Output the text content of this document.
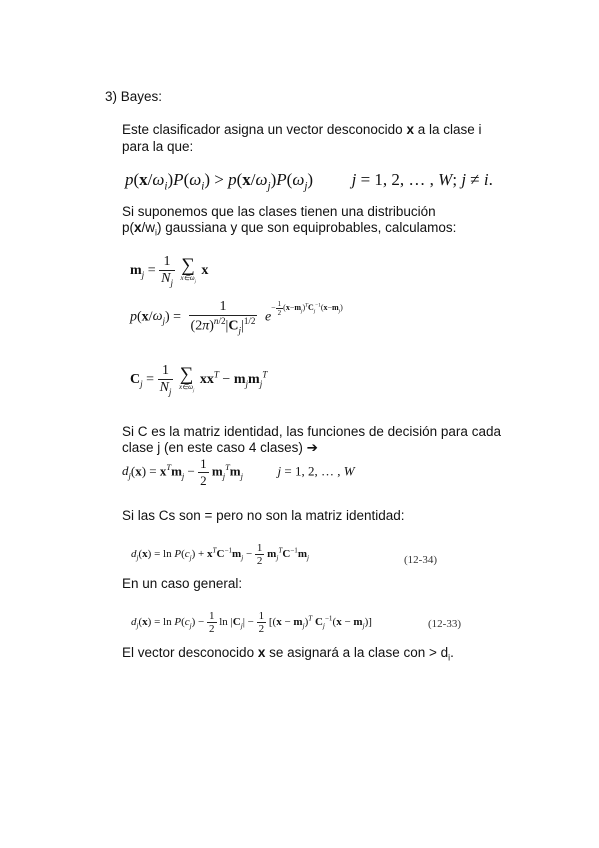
3) Bayes:
Este clasificador asigna un vector desconocido x a la clase i
para la que:
$p(x/\omega_i)P(\omega_i) > p(x/\omega_j)P(\omega_j) j = 1$, 2, … , W; j ≠ i.
Si suponemos que las clases tienen una distribución
$p(x/w_i)$ gaussiana y que son equiprobables, calculamos:
$m_j = \frac{1}{N_j}$
∑
$x\in\omega_j$
x
$p(x/\omega_j) = \frac{1}{(2\pi)^{n/2}|C_j|^{1/2}} e^{- \frac{1}{2} (x-m_j)^TC_j^{-1}(x-m_j)}$
$C_j = \frac{1}{N_j}$
∑
$x\in\omega_j$
$xx^T - m_jm_j^T$
Si C es la matriz identidad, las funciones de decisión para cada
clase j (en este caso 4 clases) ➔
$d_j(x) = x^Tm_j - \frac{1}{2} m_j^Tm_j$	j = 1, 2, … , W
Si las Cs son = pero no son la matriz identidad:
$d_j(x) = \ln P(c_j) + x^TC^{-1}m_j - \frac{1}{2} m_j^TC^{-1}m_j$	(12-34)
En un caso general:
$d_j(x) = \ln P(c_j) - \frac{1}{2}$ $\ln |C_j| - \frac{1}{2} [(x - m_j)^T$ $C_j^{-1}(x - m_j)$]	(12-33)
El vector desconocido x se asignará a la clase con > $d_i$.
